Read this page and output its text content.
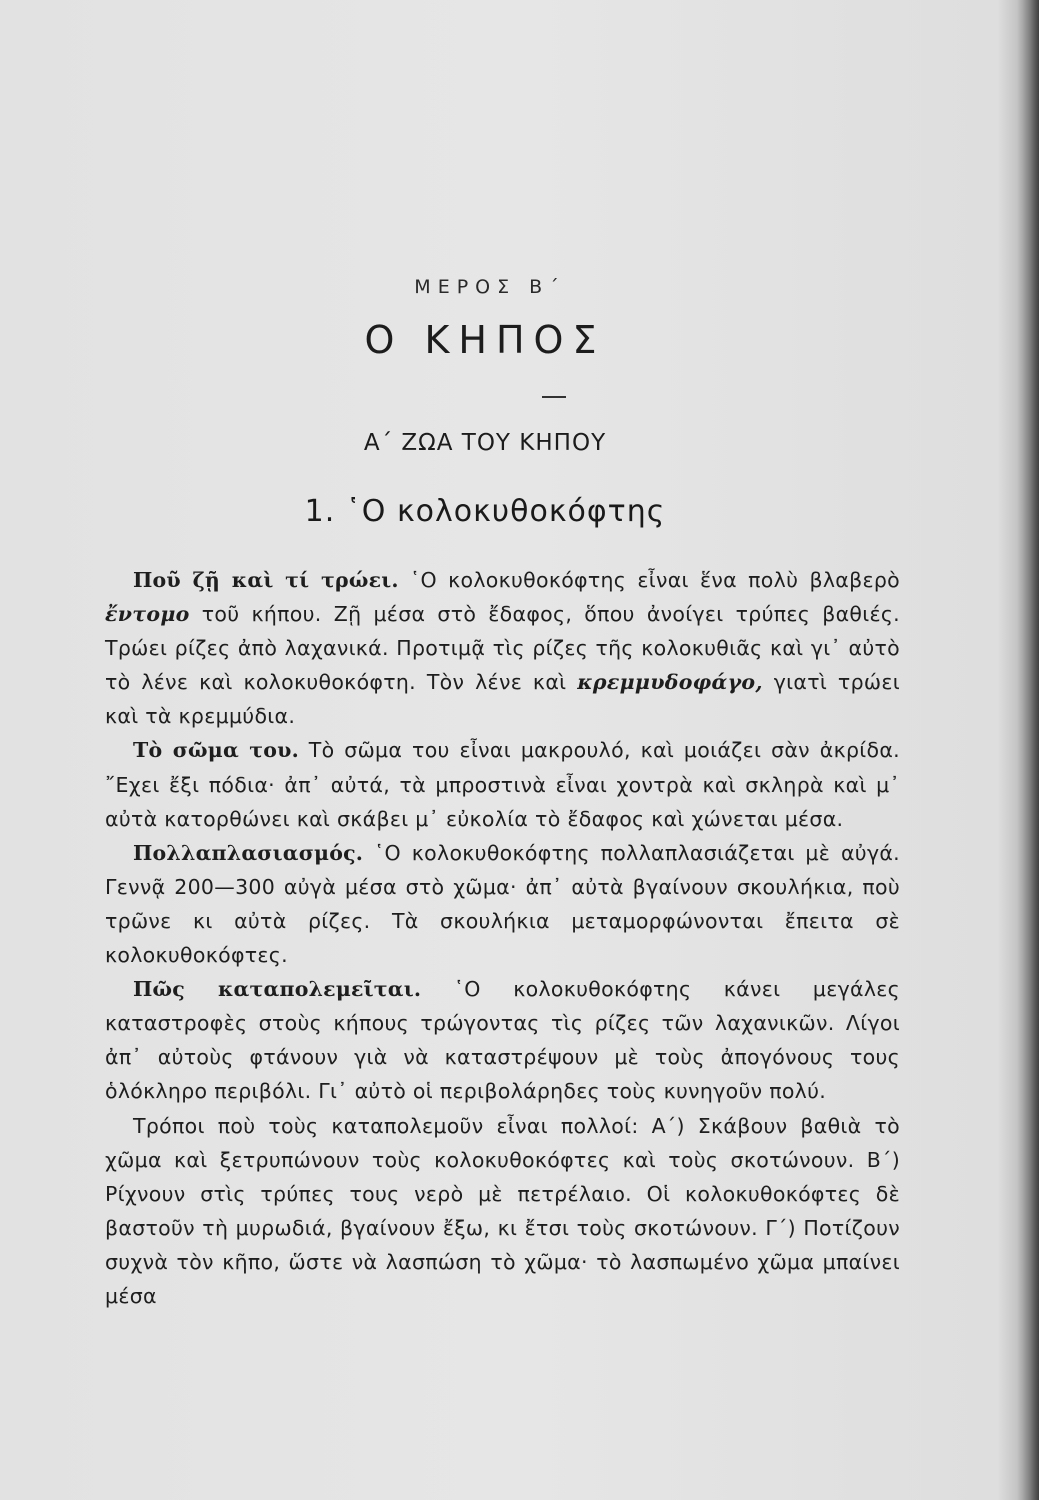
ΜΕΡΟΣ Β΄
Ο ΚΗΠΟΣ
Α΄ ΖΩΑ ΤΟΥ ΚΗΠΟΥ
1. ῾Ο κολοκυθοκόφτης

Ποῦ ζῇ καὶ τί τρώει. ῾Ο κολοκυθοκόφτης εἶναι ἕνα πολὺ βλαβερὸ ἔντομο τοῦ κήπου. Ζῇ μέσα στὸ ἔδαφος, ὅπου ἀνοίγει τρύπες βαθιές. Τρώει ρίζες ἀπὸ λαχανικά. Προτιμᾷ τὶς ρίζες τῆς κολοκυθιᾶς καὶ γι᾽ αὐτὸ τὸ λένε καὶ κολοκυθοκόφτη. Τὸν λένε καὶ κρεμμυδοφάγο, γιατὶ τρώει καὶ τὰ κρεμμύδια.

Τὸ σῶμα του. Τὸ σῶμα του εἶναι μακρουλό, καὶ μοιάζει σὰν ἀκρίδα. ῎Εχει ἔξι πόδια· ἀπ᾽ αὐτά, τὰ μπροστινὰ εἶναι χοντρὰ καὶ σκληρὰ καὶ μ᾽ αὐτὰ κατορθώνει καὶ σκάβει μ᾽ εὐκολία τὸ ἔδαφος καὶ χώνεται μέσα.

Πολλαπλασιασμός. ῾Ο κολοκυθοκόφτης πολλαπλασιάζεται μὲ αὐγά. Γεννᾷ 200—300 αὐγὰ μέσα στὸ χῶμα· ἀπ᾽ αὐτὰ βγαίνουν σκουλήκια, ποὺ τρῶνε κι αὐτὰ ρίζες. Τὰ σκουλήκια μεταμορφώνονται ἔπειτα σὲ κολοκυθοκόφτες.

Πῶς καταπολεμεῖται. ῾Ο κολοκυθοκόφτης κάνει μεγάλες καταστροφὲς στοὺς κήπους τρώγοντας τὶς ρίζες τῶν λαχανικῶν. Λίγοι ἀπ᾽ αὐτοὺς φτάνουν γιὰ νὰ καταστρέψουν μὲ τοὺς ἀπογόνους τους ὁλόκληρο περιβόλι. Γι᾽ αὐτὸ οἱ περιβολάρηδες τοὺς κυνηγοῦν πολύ.

Τρόποι ποὺ τοὺς καταπολεμοῦν εἶναι πολλοί: Α΄) Σκάβουν βαθιὰ τὸ χῶμα καὶ ξετρυπώνουν τοὺς κολοκυθοκόφτες καὶ τοὺς σκοτώνουν. Β΄) Ρίχνουν στὶς τρύπες τους νερὸ μὲ πετρέλαιο. Οἱ κολοκυθοκόφτες δὲ βαστοῦν τὴ μυρωδιά, βγαίνουν ἔξω, κι ἔτσι τοὺς σκοτώνουν. Γ΄) Ποτίζουν συχνὰ τὸν κῆπο, ὥστε νὰ λασπώση τὸ χῶμα· τὸ λασπωμένο χῶμα μπαίνει μέσα
